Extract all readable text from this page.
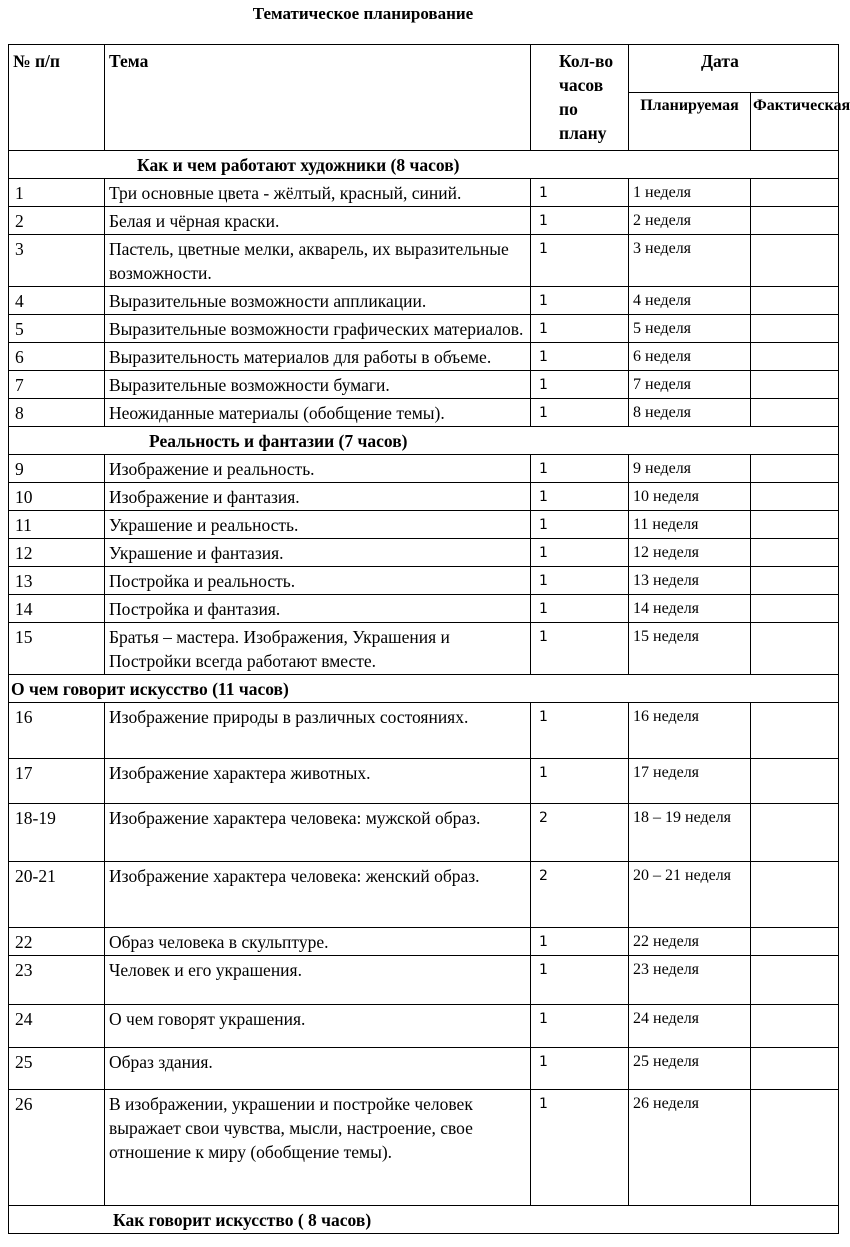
Тематическое планирование
№ п/п	Тема	Кол-во часов по плану	Дата	
			Планируемая	Фактическая
Как и чем работают художники (8 часов)				
1	Три основные цвета - жёлтый, красный, синий.	1	1 неделя	
2	Белая и чёрная краски.	1	2 неделя	
3	Пастель, цветные мелки, акварель, их выразительные возможности.	1	3 неделя	
4	Выразительные возможности аппликации.	1	4 неделя	
5	Выразительные возможности графических материалов.	1	5 неделя	
6	Выразительность материалов для работы в объеме.	1	6 неделя	
7	Выразительные возможности бумаги.	1	7 неделя	
8	Неожиданные материалы (обобщение темы).	1	8 неделя	
Реальность и фантазии (7 часов)				
9	Изображение и реальность.	1	9 неделя	
10	Изображение и фантазия.	1	10 неделя	
11	Украшение и реальность.	1	11 неделя	
12	Украшение и фантазия.	1	12 неделя	
13	Постройка и реальность.	1	13 неделя	
14	Постройка и фантазия.	1	14 неделя	
15	Братья – мастера. Изображения, Украшения и Постройки всегда работают вместе.	1	15 неделя	
О чем говорит искусство (11 часов)				
16	Изображение природы в различных состояниях.	1	16 неделя	
17	Изображение характера животных.	1	17 неделя	
18-19	Изображение характера человека: мужской образ.	2	18 – 19 неделя	
20-21	Изображение характера человека: женский образ.	2	20 – 21 неделя	
22	Образ человека в скульптуре.	1	22 неделя	
23	Человек и его украшения.	1	23 неделя	
24	О чем говорят украшения.	1	24 неделя	
25	Образ здания.	1	25 неделя	
26	В изображении, украшении и постройке человек выражает свои чувства, мысли, настроение, свое отношение к миру (обобщение темы).	1	26 неделя	
Как говорит искусство ( 8 часов)				
